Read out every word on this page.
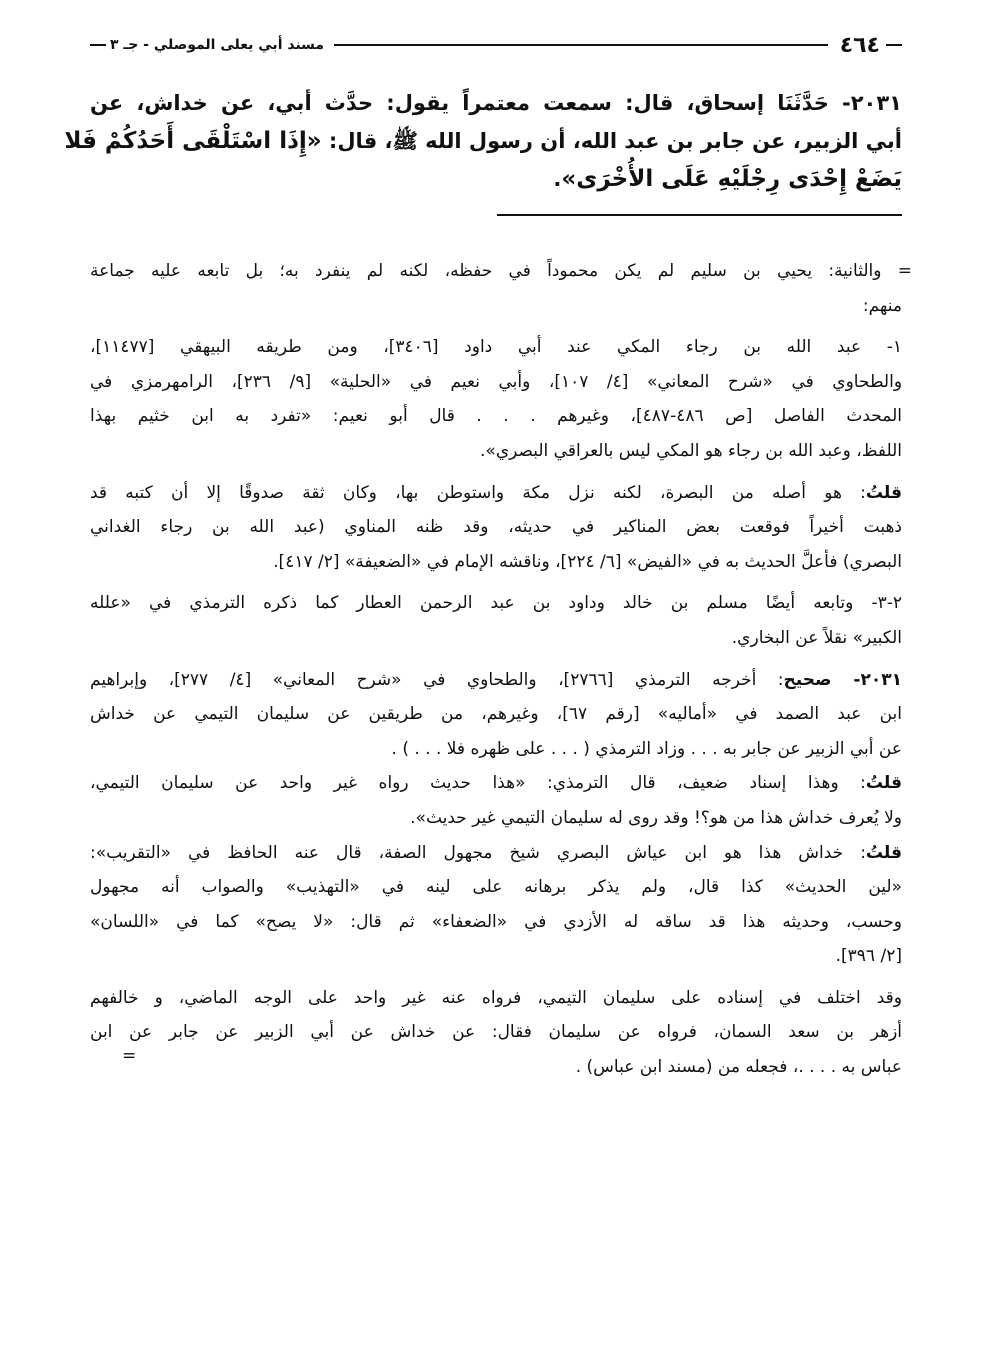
٤٦٤
مسند أبي يعلى الموصلي - جـ ٣
٢٠٣١- حَدَّثَنَا إسحاق، قال: سمعت معتمراً يقول: حدَّث أبي، عن خداش، عن
أبي الزبير، عن جابر بن عبد الله، أن رسول الله ﷺ، قال: «إِذَا اسْتَلْقَى أَحَدُكُمْ فَلا
يَضَعْ إِحْدَى رِجْلَيْهِ عَلَى الأُخْرَى».
= والثانية: يحيي بن سليم لم يكن محموداً في حفظه، لكنه لم ينفرد به؛ بل تابعه عليه جماعة
منهم:
١- عبد الله بن رجاء المكي عند أبي داود [٣٤٠٦]، ومن طريقه البيهقي [١١٤٧٧]،
والطحاوي في «شرح المعاني» [٤/ ١٠٧]، وأبي نعيم في «الحلية» [٩/ ٢٣٦]، الرامهرمزي في
المحدث الفاصل [ص ٤٨٦-٤٨٧]، وغيرهم . . . قال أبو نعيم: «تفرد به ابن خثيم بهذا
اللفظ، وعبد الله بن رجاء هو المكي ليس بالعراقي البصري».
قلتُ: هو أصله من البصرة، لكنه نزل مكة واستوطن بها، وكان ثقة صدوقًا إلا أن كتبه قد
ذهبت أخيراً فوقعت بعض المناكير في حديثه، وقد ظنه المناوي (عبد الله بن رجاء الغداني
البصري) فأعلَّ الحديث به في «الفيض» [٦/ ٢٢٤]، وناقشه الإمام في «الضعيفة» [٢/ ٤١٧].
٢-٣- وتابعه أيضًا مسلم بن خالد وداود بن عبد الرحمن العطار كما ذكره الترمذي في «علله
الكبير» نقلاً عن البخاري.
٢٠٣١- صحيح: أخرجه الترمذي [٢٧٦٦]، والطحاوي في «شرح المعاني» [٤/ ٢٧٧]، وإبراهيم
ابن عبد الصمد في «أماليه» [رقم ٦٧]، وغيرهم، من طريقين عن سليمان التيمي عن خداش
عن أبي الزبير عن جابر به . . . وزاد الترمذي ( . . . على ظهره فلا . . . ) .
قلتُ: وهذا إسناد ضعيف، قال الترمذي: «هذا حديث رواه غير واحد عن سليمان التيمي،
ولا يُعرف خداش هذا من هو؟! وقد روى له سليمان التيمي غير حديث».
قلتُ: خداش هذا هو ابن عياش البصري شيخ مجهول الصفة، قال عنه الحافظ في «التقريب»:
«لين الحديث» كذا قال، ولم يذكر برهانه على لينه في «التهذيب» والصواب أنه مجهول
وحسب، وحديثه هذا قد ساقه له الأزدي في «الضعفاء» ثم قال: «لا يصح» كما في «اللسان»
[٢/ ٣٩٦].
وقد اختلف في إسناده على سليمان التيمي، فرواه عنه غير واحد على الوجه الماضي، و خالفهم
أزهر بن سعد السمان، فرواه عن سليمان فقال: عن خداش عن أبي الزبير عن جابر عن ابن
عباس به . . . .، فجعله من (مسند ابن عباس) .
=
